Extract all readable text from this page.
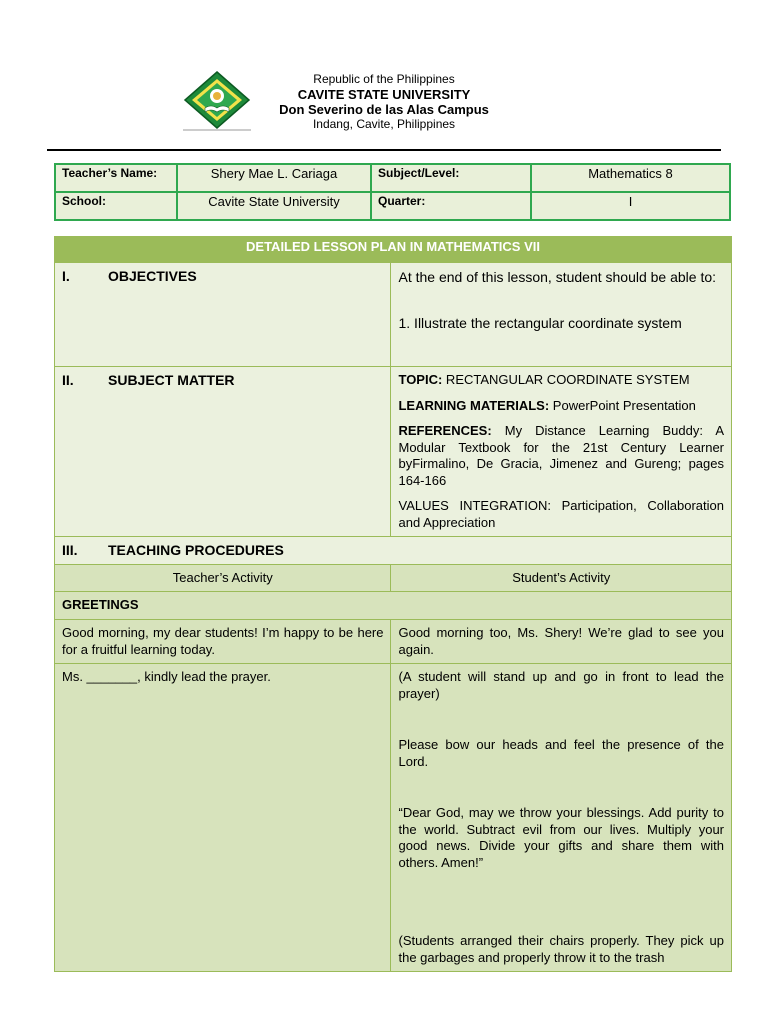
Republic of the Philippines
CAVITE STATE UNIVERSITY
Don Severino de las Alas Campus
Indang, Cavite, Philippines
Teacher’s Name:	Shery Mae L. Cariaga	Subject/Level:	Mathematics 8
School:	Cavite State University	Quarter:	I
DETAILED LESSON PLAN IN MATHEMATICS VII	

I. OBJECTIVES	At the end of this lesson, student should be able to:
1. Illustrate the rectangular coordinate system

II. SUBJECT MATTER	TOPIC: RECTANGULAR COORDINATE SYSTEM
LEARNING MATERIALS: PowerPoint Presentation
REFERENCES: My Distance Learning Buddy: A Modular Textbook for the 21st Century Learner byFirmalino, De Gracia, Jimenez and Gureng; pages 164-166
VALUES INTEGRATION: Participation, Collaboration and Appreciation

III. TEACHING PROCEDURES	

Teacher’s Activity	Student’s Activity
GREETINGS	
Good morning, my dear students! I’m happy to be here for a fruitful learning today.	Good morning too, Ms. Shery! We’re glad to see you again.
Ms. _______, kindly lead the prayer.	(A student will stand up and go in front to lead the prayer)
Please bow our heads and feel the presence of the Lord.
“Dear God, may we throw your blessings. Add purity to the world. Subtract evil from our lives. Multiply your good news. Divide your gifts and share them with others. Amen!”
(Students arranged their chairs properly. They pick up the garbages and properly throw it to the trash
